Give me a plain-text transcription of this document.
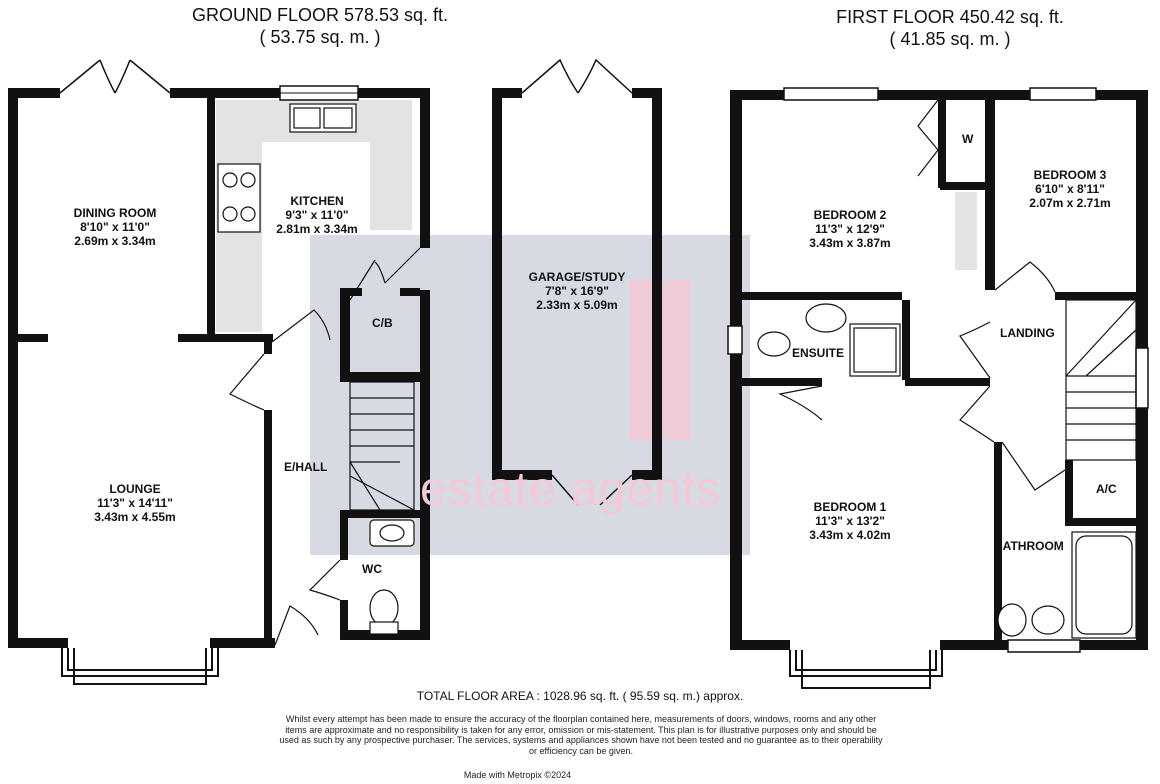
GROUND FLOOR 578.53 sq. ft.
( 53.75 sq. m. )
FIRST FLOOR 450.42 sq. ft.
( 41.85 sq. m. )
estate agents
DINING ROOM
8'10" x 11'0"
2.69m x 3.34m
KITCHEN
9'3" x 11'0"
2.81m x 3.34m
LOUNGE
11'3" x 14'11"
3.43m x 4.55m
GARAGE/STUDY
7'8" x 16'9"
2.33m x 5.09m
C/B
E/HALL
WC
BEDROOM 2
11'3" x 12'9"
3.43m x 3.87m
BEDROOM 3
6'10" x 8'11"
2.07m x 2.71m
BEDROOM 1
11'3" x 13'2"
3.43m x 4.02m
W
ENSUITE
LANDING
A/C
BATHROOM
TOTAL FLOOR AREA : 1028.96 sq. ft. ( 95.59 sq. m.) approx.
Whilst every attempt has been made to ensure the accuracy of the floorplan contained here, measurements of doors, windows, rooms and any other items are approximate and no responsibility is taken for any error, omission or mis-statement. This plan is for illustrative purposes only and should be used as such by any prospective purchaser. The services, systems and appliances shown have not been tested and no guarantee as to their operability or efficiency can be given.
Made with Metropix ©2024
